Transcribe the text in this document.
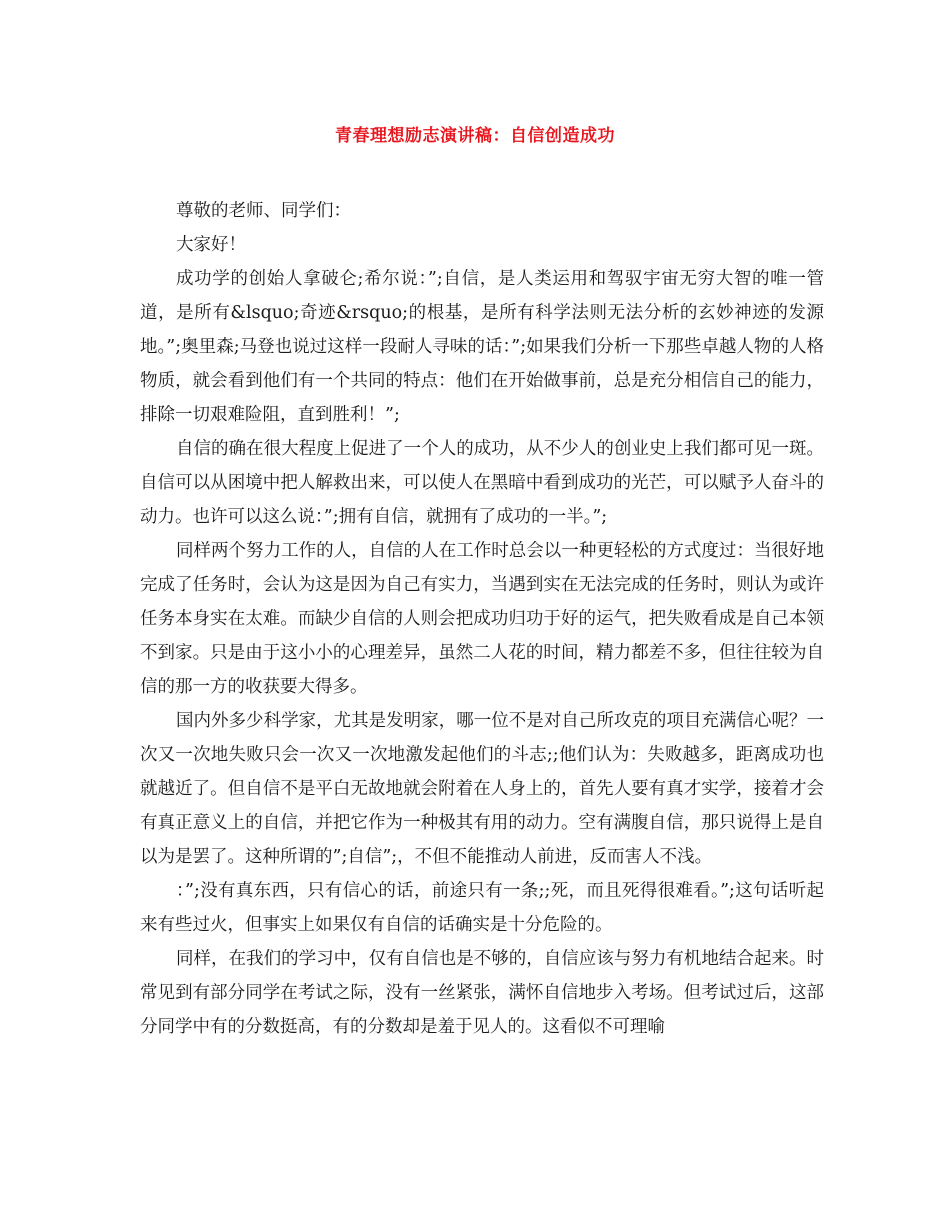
青春理想励志演讲稿：自信创造成功

尊敬的老师、同学们：

大家好！

成功学的创始人拿破仑;希尔说：”;自信，是人类运用和驾驭宇宙无穷大智的唯一管道，是所有&lsquo;奇迹&rsquo;的根基，是所有科学法则无法分析的玄妙神迹的发源地。”;奥里森;马登也说过这样一段耐人寻味的话：”;如果我们分析一下那些卓越人物的人格物质，就会看到他们有一个共同的特点：他们在开始做事前，总是充分相信自己的能力，排除一切艰难险阻，直到胜利！”;

自信的确在很大程度上促进了一个人的成功，从不少人的创业史上我们都可见一斑。自信可以从困境中把人解救出来，可以使人在黑暗中看到成功的光芒，可以赋予人奋斗的动力。也许可以这么说：”;拥有自信，就拥有了成功的一半。”;

同样两个努力工作的人，自信的人在工作时总会以一种更轻松的方式度过：当很好地完成了任务时，会认为这是因为自己有实力，当遇到实在无法完成的任务时，则认为或许任务本身实在太难。而缺少自信的人则会把成功归功于好的运气，把失败看成是自己本领不到家。只是由于这小小的心理差异，虽然二人花的时间，精力都差不多，但往往较为自信的那一方的收获要大得多。

国内外多少科学家，尤其是发明家，哪一位不是对自己所攻克的项目充满信心呢？一次又一次地失败只会一次又一次地激发起他们的斗志;;他们认为：失败越多，距离成功也就越近了。但自信不是平白无故地就会附着在人身上的，首先人要有真才实学，接着才会有真正意义上的自信，并把它作为一种极其有用的动力。空有满腹自信，那只说得上是自以为是罢了。这种所谓的”;自信”;，不但不能推动人前进，反而害人不浅。

：”;没有真东西，只有信心的话，前途只有一条;;死，而且死得很难看。”;这句话听起来有些过火，但事实上如果仅有自信的话确实是十分危险的。

同样，在我们的学习中，仅有自信也是不够的，自信应该与努力有机地结合起来。时常见到有部分同学在考试之际，没有一丝紧张，满怀自信地步入考场。但考试过后，这部分同学中有的分数挺高，有的分数却是羞于见人的。这看似不可理喻
